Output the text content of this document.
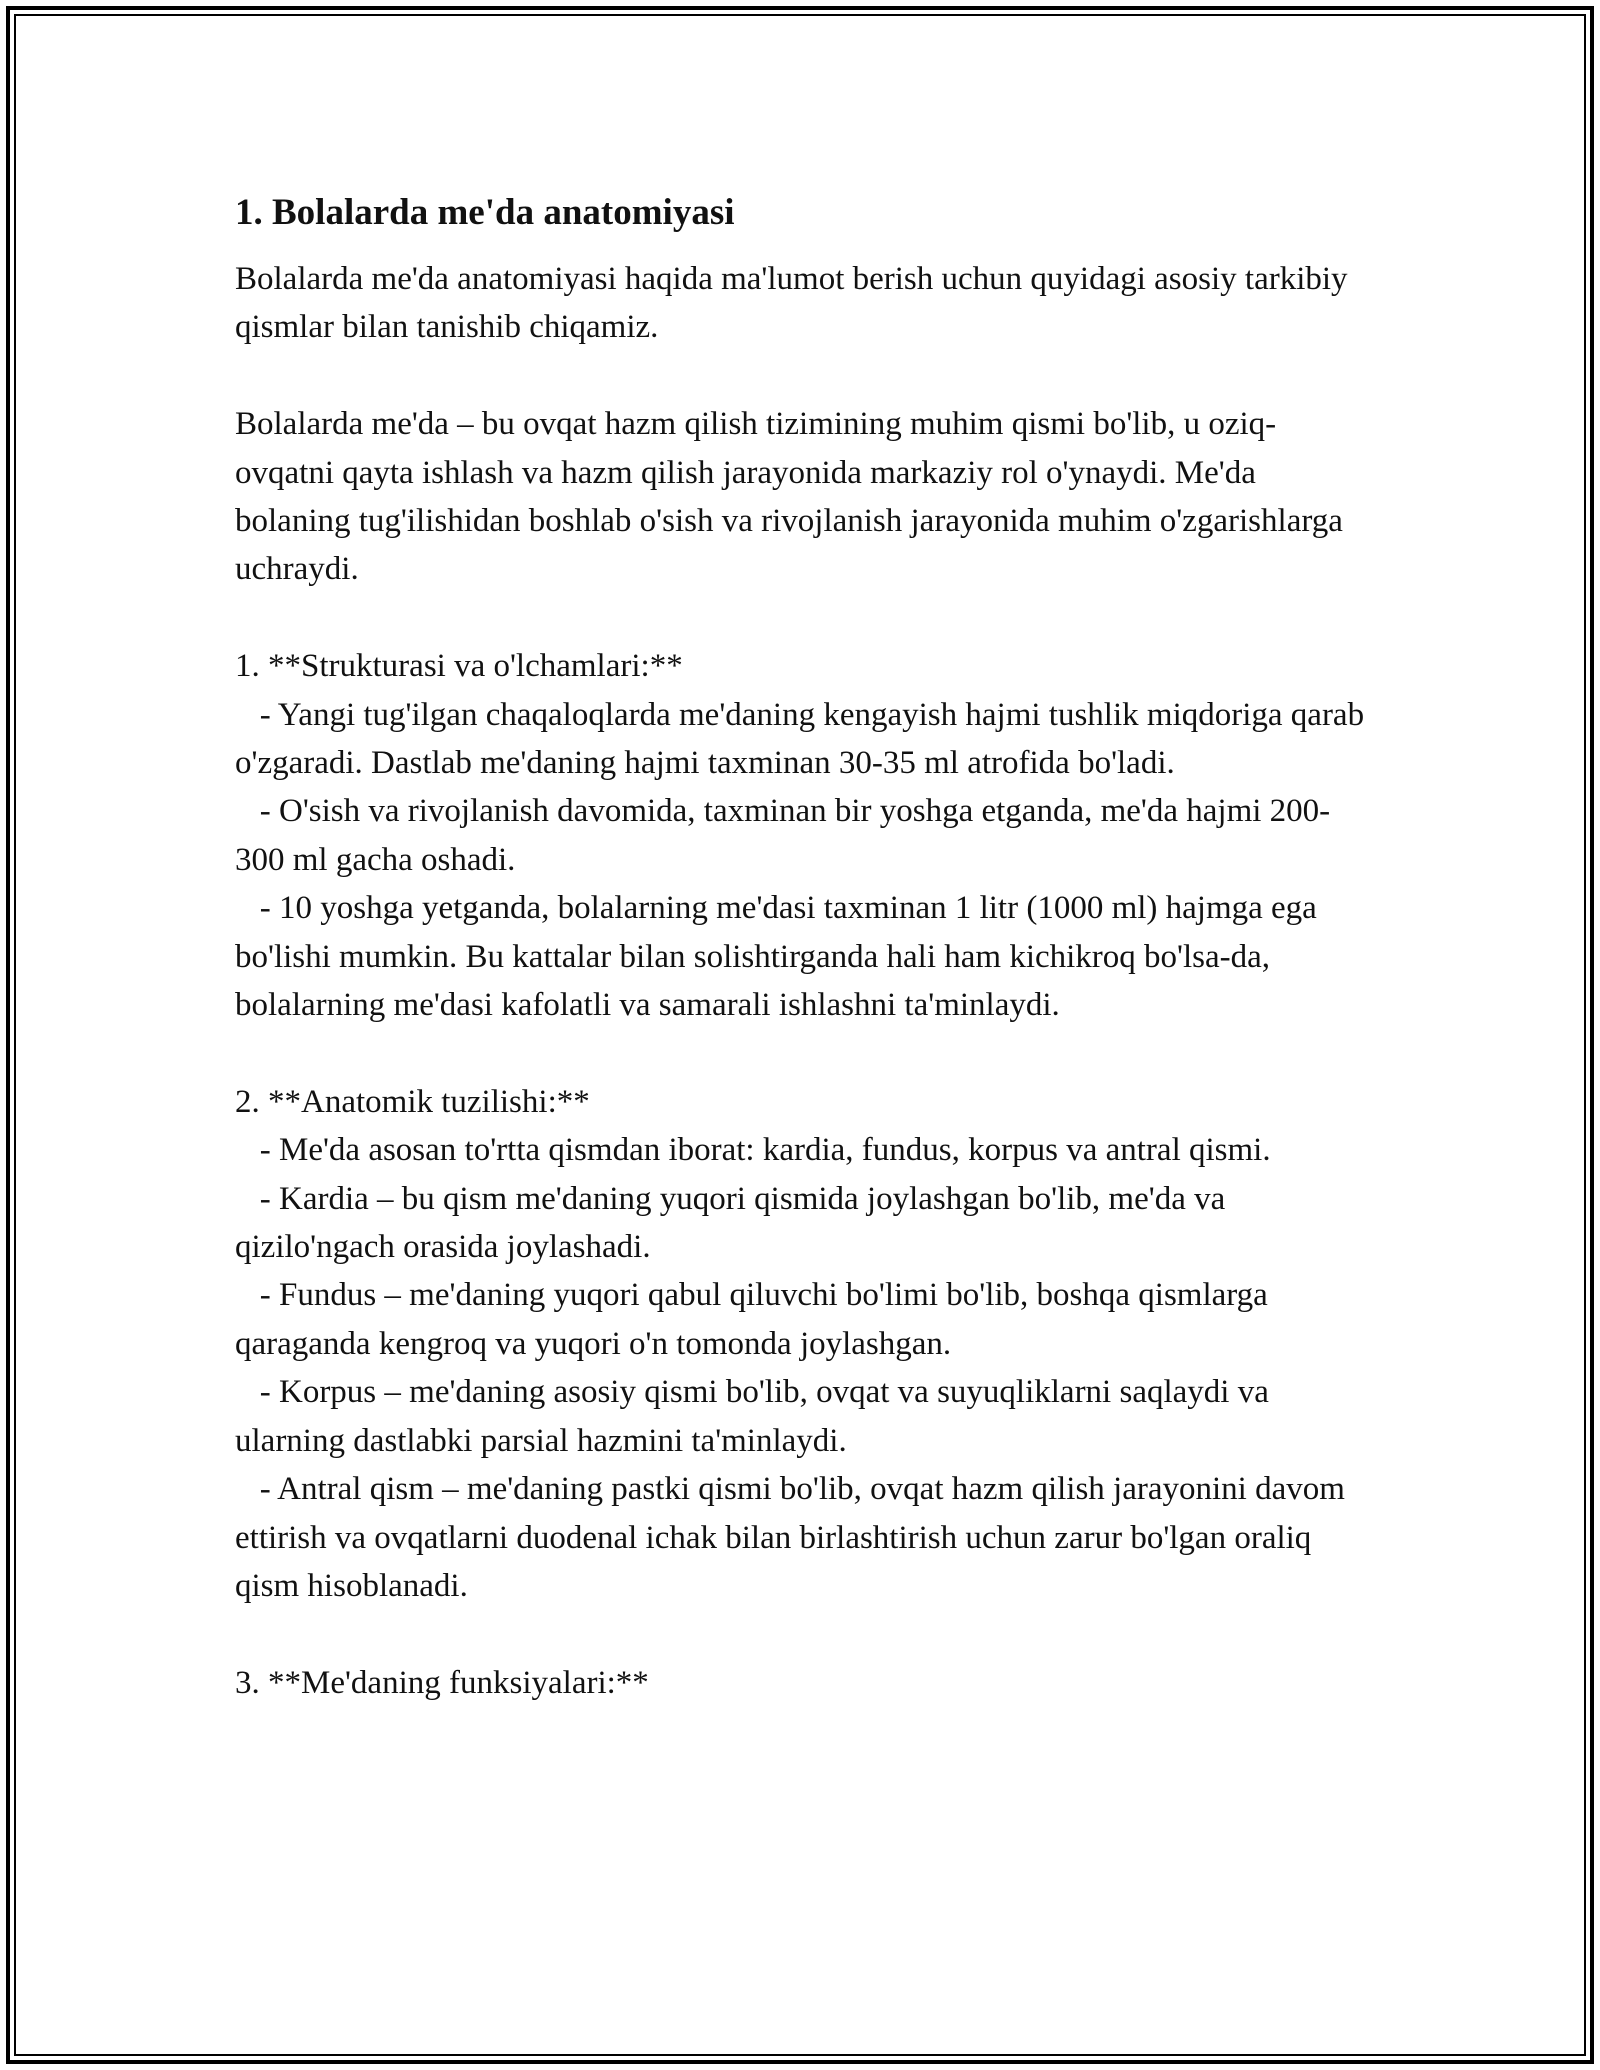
1. Bolalarda me'da anatomiyasi

Bolalarda me'da anatomiyasi haqida ma'lumot berish uchun quyidagi asosiy tarkibiy qismlar bilan tanishib chiqamiz.

Bolalarda me'da – bu ovqat hazm qilish tizimining muhim qismi bo'lib, u oziq-ovqatni qayta ishlash va hazm qilish jarayonida markaziy rol o'ynaydi. Me'da bolaning tug'ilishidan boshlab o'sish va rivojlanish jarayonida muhim o'zgarishlarga uchraydi.

1. **Strukturasi va o'lchamlari:**
- Yangi tug'ilgan chaqaloqlarda me'daning kengayish hajmi tushlik miqdoriga qarab o'zgaradi. Dastlab me'daning hajmi taxminan 30-35 ml atrofida bo'ladi.
- O'sish va rivojlanish davomida, taxminan bir yoshga etganda, me'da hajmi 200-300 ml gacha oshadi.
- 10 yoshga yetganda, bolalarning me'dasi taxminan 1 litr (1000 ml) hajmga ega bo'lishi mumkin. Bu kattalar bilan solishtirganda hali ham kichikroq bo'lsa-da, bolalarning me'dasi kafolatli va samarali ishlashni ta'minlaydi.
2. **Anatomik tuzilishi:**
- Me'da asosan to'rtta qismdan iborat: kardia, fundus, korpus va antral qismi.
- Kardia – bu qism me'daning yuqori qismida joylashgan bo'lib, me'da va qizilo'ngach orasida joylashadi.
- Fundus – me'daning yuqori qabul qiluvchi bo'limi bo'lib, boshqa qismlarga qaraganda kengroq va yuqori o'n tomonda joylashgan.
- Korpus – me'daning asosiy qismi bo'lib, ovqat va suyuqliklarni saqlaydi va ularning dastlabki parsial hazmini ta'minlaydi.
- Antral qism – me'daning pastki qismi bo'lib, ovqat hazm qilish jarayonini davom ettirish va ovqatlarni duodenal ichak bilan birlashtirish uchun zarur bo'lgan oraliq qism hisoblanadi.
3. **Me'daning funksiyalari:**
